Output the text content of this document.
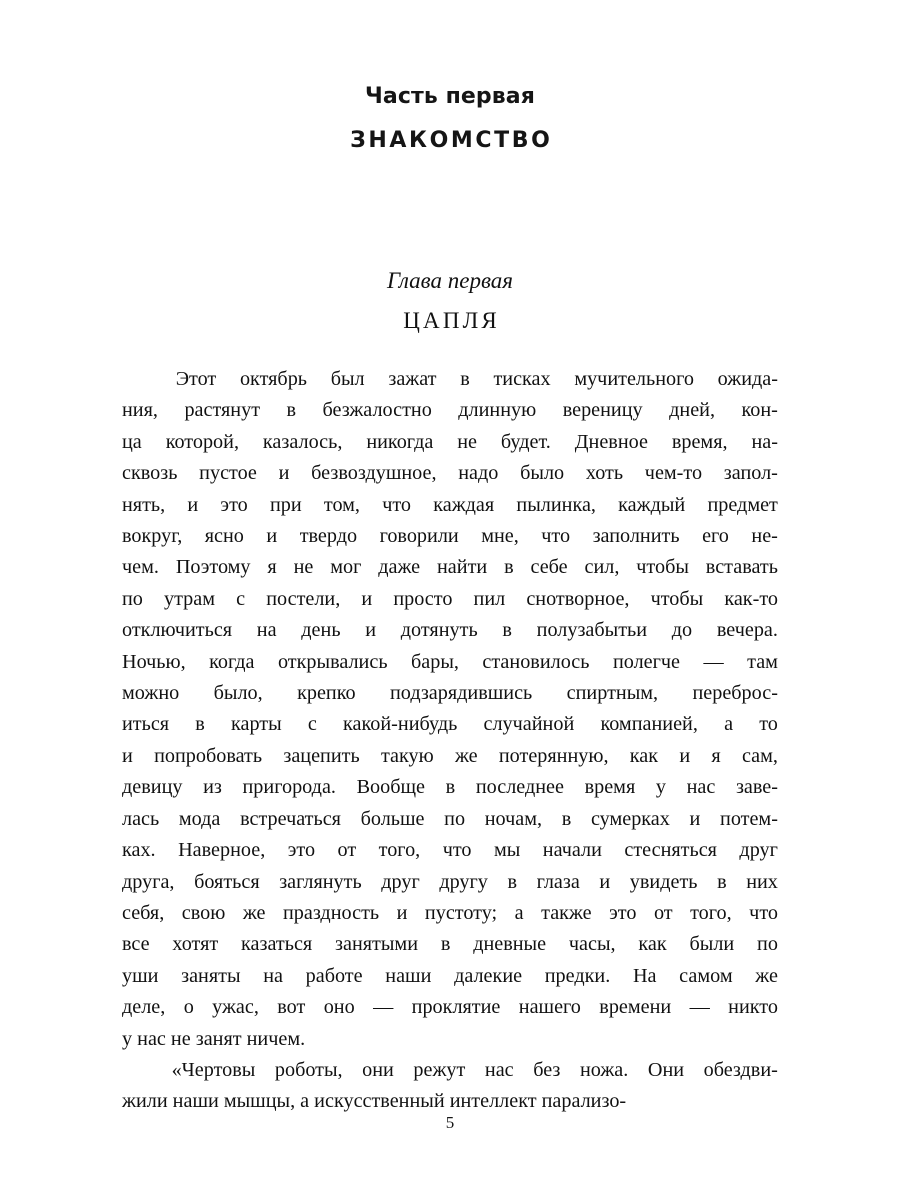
Часть первая
ЗНАКОМСТВО
Глава первая
ЦАПЛЯ
Этот октябрь был зажат в тисках мучительного ожида-
ния, растянут в безжалостно длинную вереницу дней, кон-
ца которой, казалось, никогда не будет. Дневное время, на-
сквозь пустое и безвоздушное, надо было хоть чем-то запол-
нять, и это при том, что каждая пылинка, каждый предмет
вокруг, ясно и твердо говорили мне, что заполнить его не-
чем. Поэтому я не мог даже найти в себе сил, чтобы вставать
по утрам с постели, и просто пил снотворное, чтобы как-то
отключиться на день и дотянуть в полузабытьи до вечера.
Ночью, когда открывались бары, становилось полегче — там
можно было, крепко подзарядившись спиртным, переброс-
иться в карты с какой-нибудь случайной компанией, а то
и попробовать зацепить такую же потерянную, как и я сам,
девицу из пригорода. Вообще в последнее время у нас заве-
лась мода встречаться больше по ночам, в сумерках и потем-
ках. Наверное, это от того, что мы начали стесняться друг
друга, бояться заглянуть друг другу в глаза и увидеть в них
себя, свою же праздность и пустоту; а также это от того, что
все хотят казаться занятыми в дневные часы, как были по
уши заняты на работе наши далекие предки. На самом же
деле, о ужас, вот оно — проклятие нашего времени — никто
у нас не занят ничем.
«Чертовы роботы, они режут нас без ножа. Они обездви-
жили наши мышцы, а искусственный интеллект парализо-
5
